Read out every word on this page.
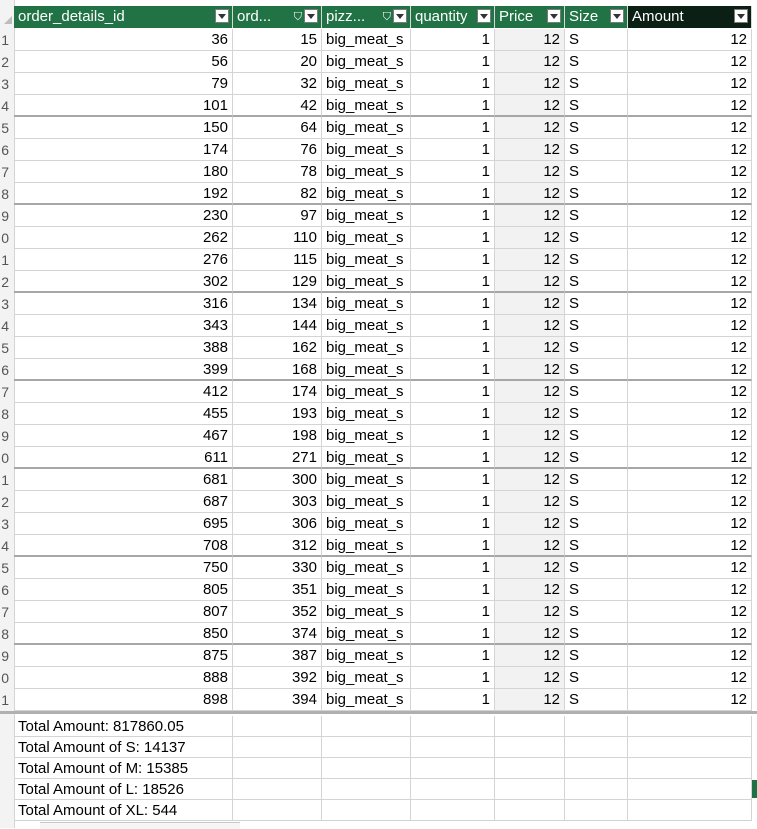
order_details_id	ord... ⛉ pizz... ⛉ quantity	Price	Size	Amount
1	36	15 big_meat_s	1	12 S	12
2	56	20 big_meat_s	1	12 S	12
3	79	32 big_meat_s	1	12 S	12
4	101	42 big_meat_s	1	12 S	12
5	150	64 big_meat_s	1	12 S	12
6	174	76 big_meat_s	1	12 S	12
7	180	78 big_meat_s	1	12 S	12
8	192	82 big_meat_s	1	12 S	12
9	230	97 big_meat_s	1	12 S	12
0	262	110 big_meat_s	1	12 S	12
1	276	115 big_meat_s	1	12 S	12
2	302	129 big_meat_s	1	12 S	12
3	316	134 big_meat_s	1	12 S	12
4	343	144 big_meat_s	1	12 S	12
5	388	162 big_meat_s	1	12 S	12
6	399	168 big_meat_s	1	12 S	12
7	412	174 big_meat_s	1	12 S	12
8	455	193 big_meat_s	1	12 S	12
9	467	198 big_meat_s	1	12 S	12
0	611	271 big_meat_s	1	12 S	12
1	681	300 big_meat_s	1	12 S	12
2	687	303 big_meat_s	1	12 S	12
3	695	306 big_meat_s	1	12 S	12
4	708	312 big_meat_s	1	12 S	12
5	750	330 big_meat_s	1	12 S	12
6	805	351 big_meat_s	1	12 S	12
7	807	352 big_meat_s	1	12 S	12
8	850	374 big_meat_s	1	12 S	12
9	875	387 big_meat_s	1	12 S	12
0	888	392 big_meat_s	1	12 S	12
1	898	394 big_meat_s	1	12 S	12
Total Amount: 817860.05
Total Amount of S: 14137
Total Amount of M: 15385
Total Amount of L: 18526
Total Amount of XL: 544
